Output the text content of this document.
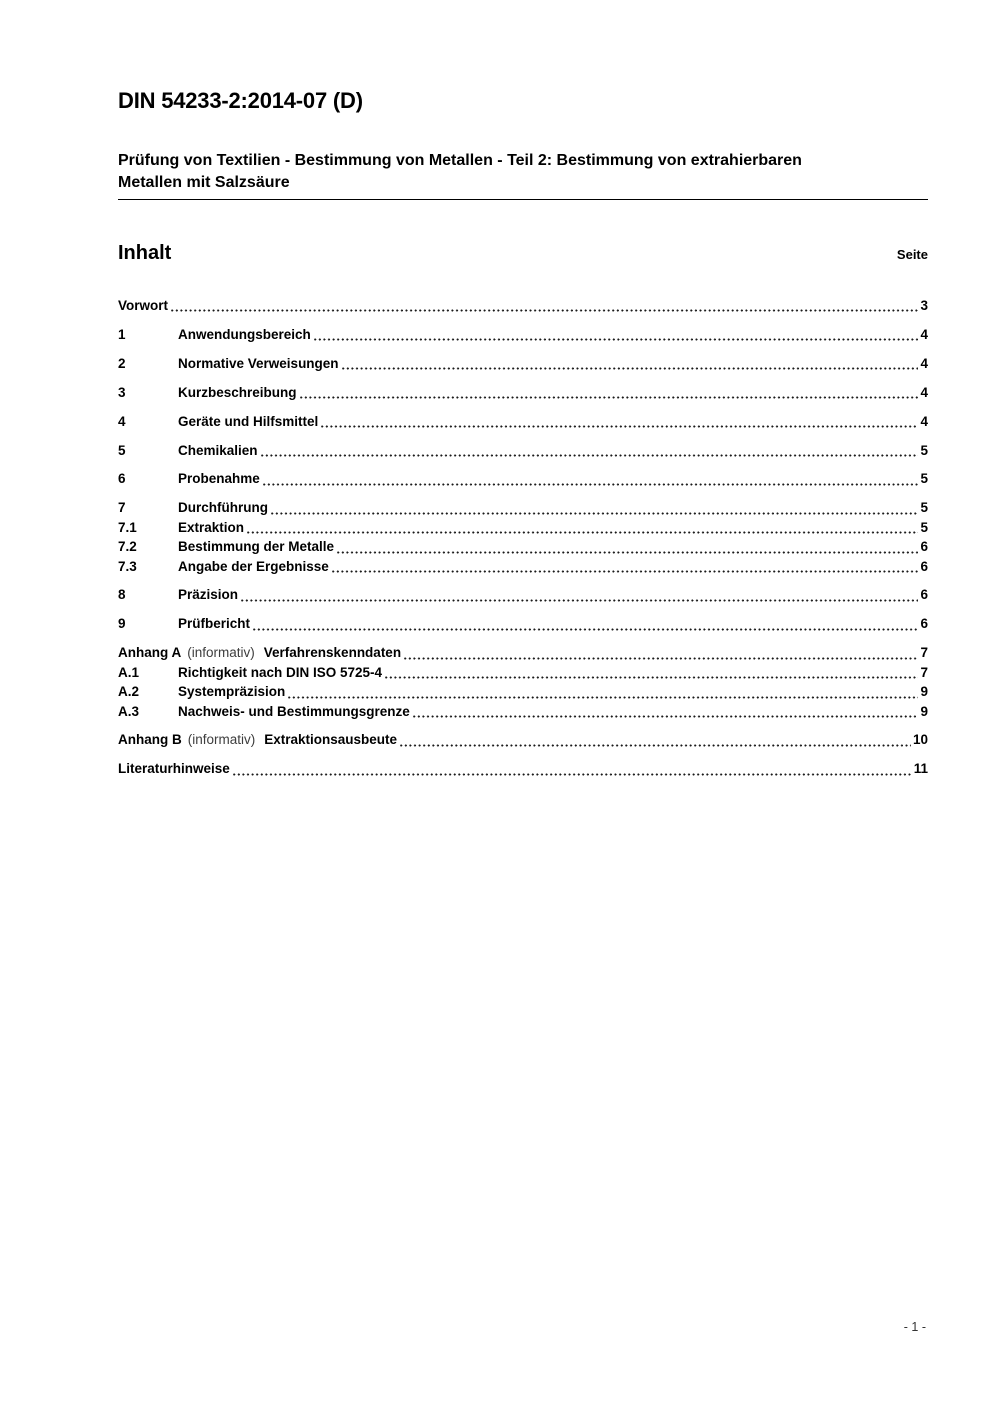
DIN 54233-2:2014-07 (D)
Prüfung von Textilien - Bestimmung von Metallen - Teil 2: Bestimmung von extrahierbaren Metallen mit Salzsäure
Inhalt	Seite
Vorwort	3
1	Anwendungsbereich	4
2	Normative Verweisungen	4
3	Kurzbeschreibung	4
4	Geräte und Hilfsmittel	4
5	Chemikalien	5
6	Probenahme	5
7	Durchführung	5
7.1	Extraktion	5
7.2	Bestimmung der Metalle	6
7.3	Angabe der Ergebnisse	6
8	Präzision	6
9	Prüfbericht	6
Anhang A (informativ) Verfahrenskenndaten	7
A.1	Richtigkeit nach DIN ISO 5725-4	7
A.2	Systempräzision	9
A.3	Nachweis- und Bestimmungsgrenze	9
Anhang B (informativ) Extraktionsausbeute	10
Literaturhinweise	11
- 1 -
